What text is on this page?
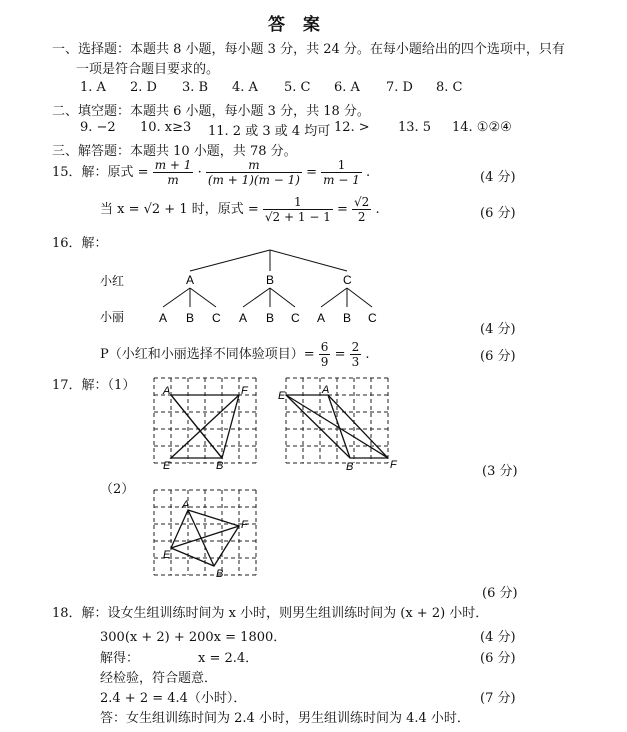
答 案
一、选择题：本题共 8 小题，每小题 3 分，共 24 分。在每小题给出的四个选项中，只有
一项是符合题目要求的。
1. A 2. D 3. B 4. A 5. C 6. A 7. D 8. C
二、填空题：本题共 6 小题，每小题 3 分，共 18 分。
9. −2 10. x≥3 11. 2 或 3 或 4 均可 12. > 13. 5 14. ①②④
三、解答题：本题共 10 小题，共 78 分。
15．解：原式 = $\frac{m + 1}{m} \cdot \frac{m}{(m + 1)(m - 1)} = \frac{1}{m - 1}$ .	(4 分)
当 x = √2 + 1 时，原式 = $\frac{1}{√2 + 1 - 1} = \frac{√2}{2}$ .	(6 分)
16．解：
小红
小丽
A	B	C
A B C A B C A B C
(4 分)
P（小红和小丽选择不同体验项目）= $\frac{6}{9} = \frac{2}{3}$ .	(6 分)
17．解：（1）	A	F
E	B
E	A
B	F	(3 分)
（2）
A
F
E
B
(6 分)
18．解：设女生组训练时间为 x 小时，则男生组训练时间为 (x + 2) 小时．
300(x + 2) + 200x = 1800．	(4 分)
解得：	x = 2.4．	(6 分)
经检验，符合题意．
2.4 + 2 = 4.4（小时）．	(7 分)
答：女生组训练时间为 2.4 小时，男生组训练时间为 4.4 小时．
